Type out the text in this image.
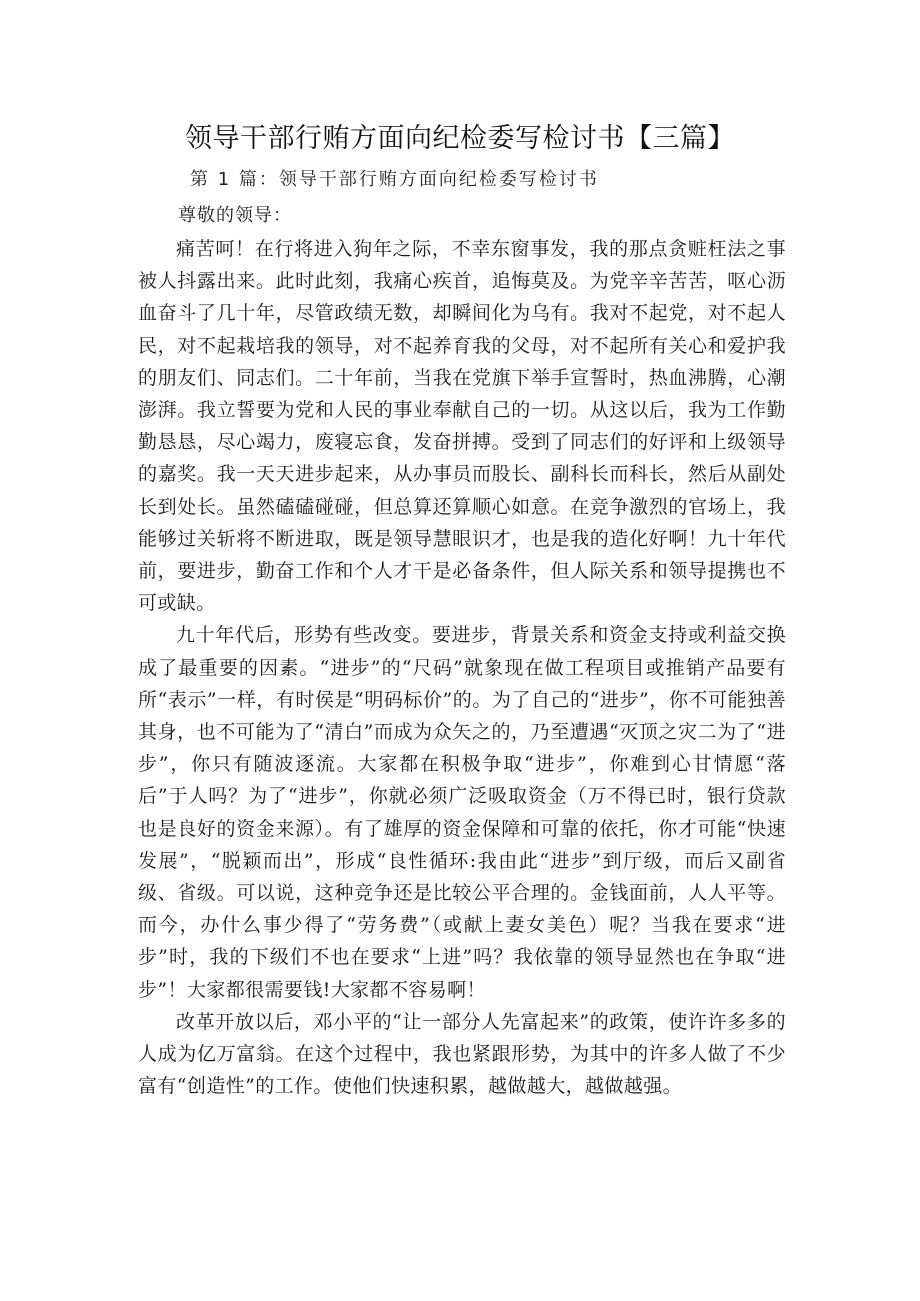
领导干部行贿方面向纪检委写检讨书【三篇】
第 1 篇：领导干部行贿方面向纪检委写检讨书
尊敬的领导：

痛苦呵！在行将进入狗年之际，不幸东窗事发，我的那点贪赃枉法之事被人抖露出来。此时此刻，我痛心疾首，追悔莫及。为党辛辛苦苦，呕心沥血奋斗了几十年，尽管政绩无数，却瞬间化为乌有。我对不起党，对不起人民，对不起栽培我的领导，对不起养育我的父母，对不起所有关心和爱护我的朋友们、同志们。二十年前，当我在党旗下举手宣誓时，热血沸腾，心潮澎湃。我立誓要为党和人民的事业奉献自己的一切。从这以后，我为工作勤勤恳恳，尽心竭力，废寝忘食，发奋拼搏。受到了同志们的好评和上级领导的嘉奖。我一天天进步起来，从办事员而股长、副科长而科长，然后从副处长到处长。虽然磕磕碰碰，但总算还算顺心如意。在竞争激烈的官场上，我能够过关斩将不断进取，既是领导慧眼识才，也是我的造化好啊！九十年代前，要进步，勤奋工作和个人才干是必备条件，但人际关系和领导提携也不可或缺。

九十年代后，形势有些改变。要进步，背景关系和资金支持或利益交换成了最重要的因素。“进步”的“尺码”就象现在做工程项目或推销产品要有所“表示”一样，有时侯是“明码标价”的。为了自己的“进步”，你不可能独善其身，也不可能为了“清白”而成为众矢之的，乃至遭遇“灭顶之灾二为了“进步”，你只有随波逐流。大家都在积极争取“进步”，你难到心甘情愿“落后”于人吗？为了“进步”，你就必须广泛吸取资金（万不得已时，银行贷款也是良好的资金来源）。有了雄厚的资金保障和可靠的依托，你才可能“快速发展”，“脱颖而出”，形成“良性循环:我由此“进步”到厅级，而后又副省级、省级。可以说，这种竞争还是比较公平合理的。金钱面前，人人平等。而今，办什么事少得了“劳务费”（或献上妻女美色）呢？当我在要求“进步”时，我的下级们不也在要求“上进”吗？我依靠的领导显然也在争取“进步”！大家都很需要钱!大家都不容易啊！

改革开放以后，邓小平的“让一部分人先富起来”的政策，使许许多多的人成为亿万富翁。在这个过程中，我也紧跟形势，为其中的许多人做了不少富有“创造性”的工作。使他们快速积累，越做越大，越做越强。
